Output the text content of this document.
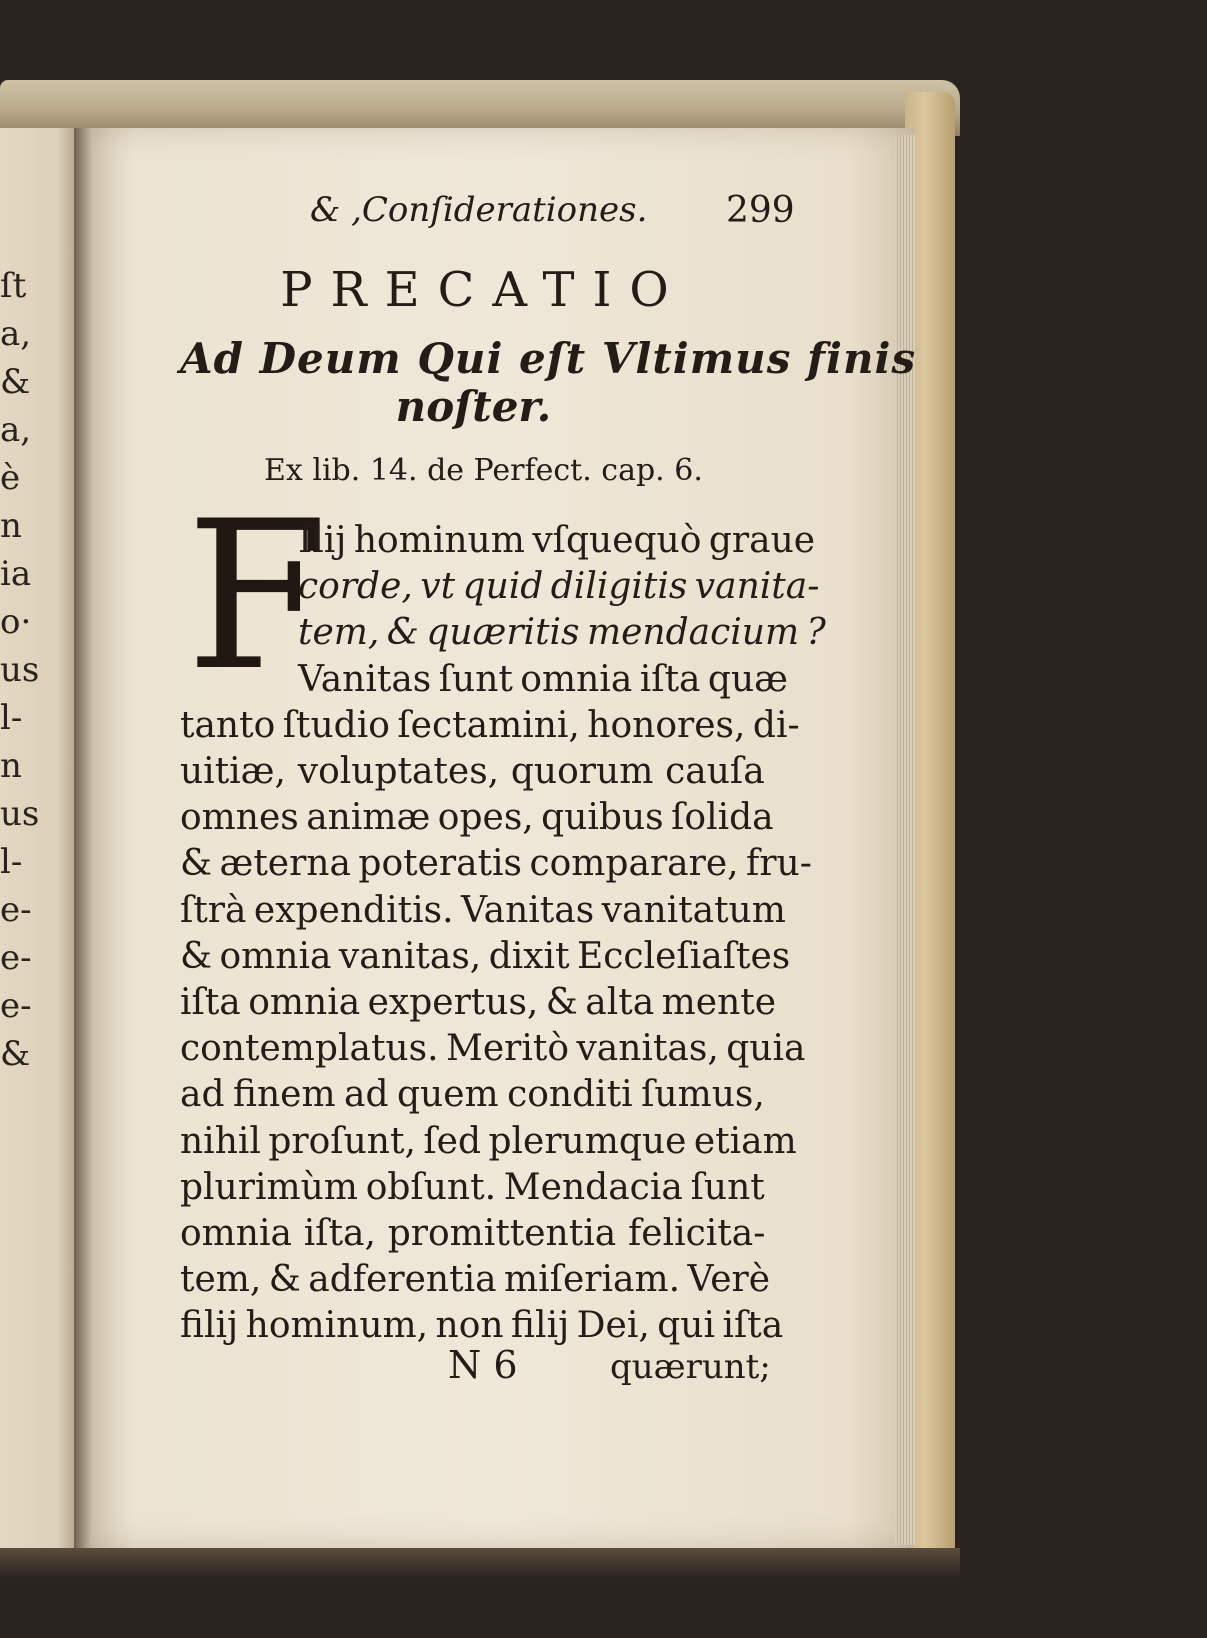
ſt
a,
&
a,
è
n
ia
o·
us
l-
n
us
l-
e-
e-
e-
&
& ,Conſiderationes. 299
PRECATIO
Ad Deum Qui eſt Vltimus finis
noſter.
Ex lib. 14. de Perfect. cap. 6.
F
Ilij hominum vſquequò graue
corde, vt quid diligitis vanita-
tem, & quæritis mendacium ?
Vanitas ſunt omnia iſta quæ
tanto ſtudio ſectamini, honores, di-
uitiæ, voluptates, quorum cauſa
omnes animæ opes, quibus ſolida
& æterna poteratis comparare, fru-
ſtrà expenditis. Vanitas vanitatum
& omnia vanitas, dixit Eccleſiaſtes
iſta omnia expertus, & alta mente
contemplatus. Meritò vanitas, quia
ad finem ad quem conditi ſumus,
nihil proſunt, ſed plerumque etiam
plurimùm obſunt. Mendacia ſunt
omnia iſta, promittentia felicita-
tem, & adferentia miſeriam. Verè
filij hominum, non filij Dei, qui iſta
N 6	quærunt;
